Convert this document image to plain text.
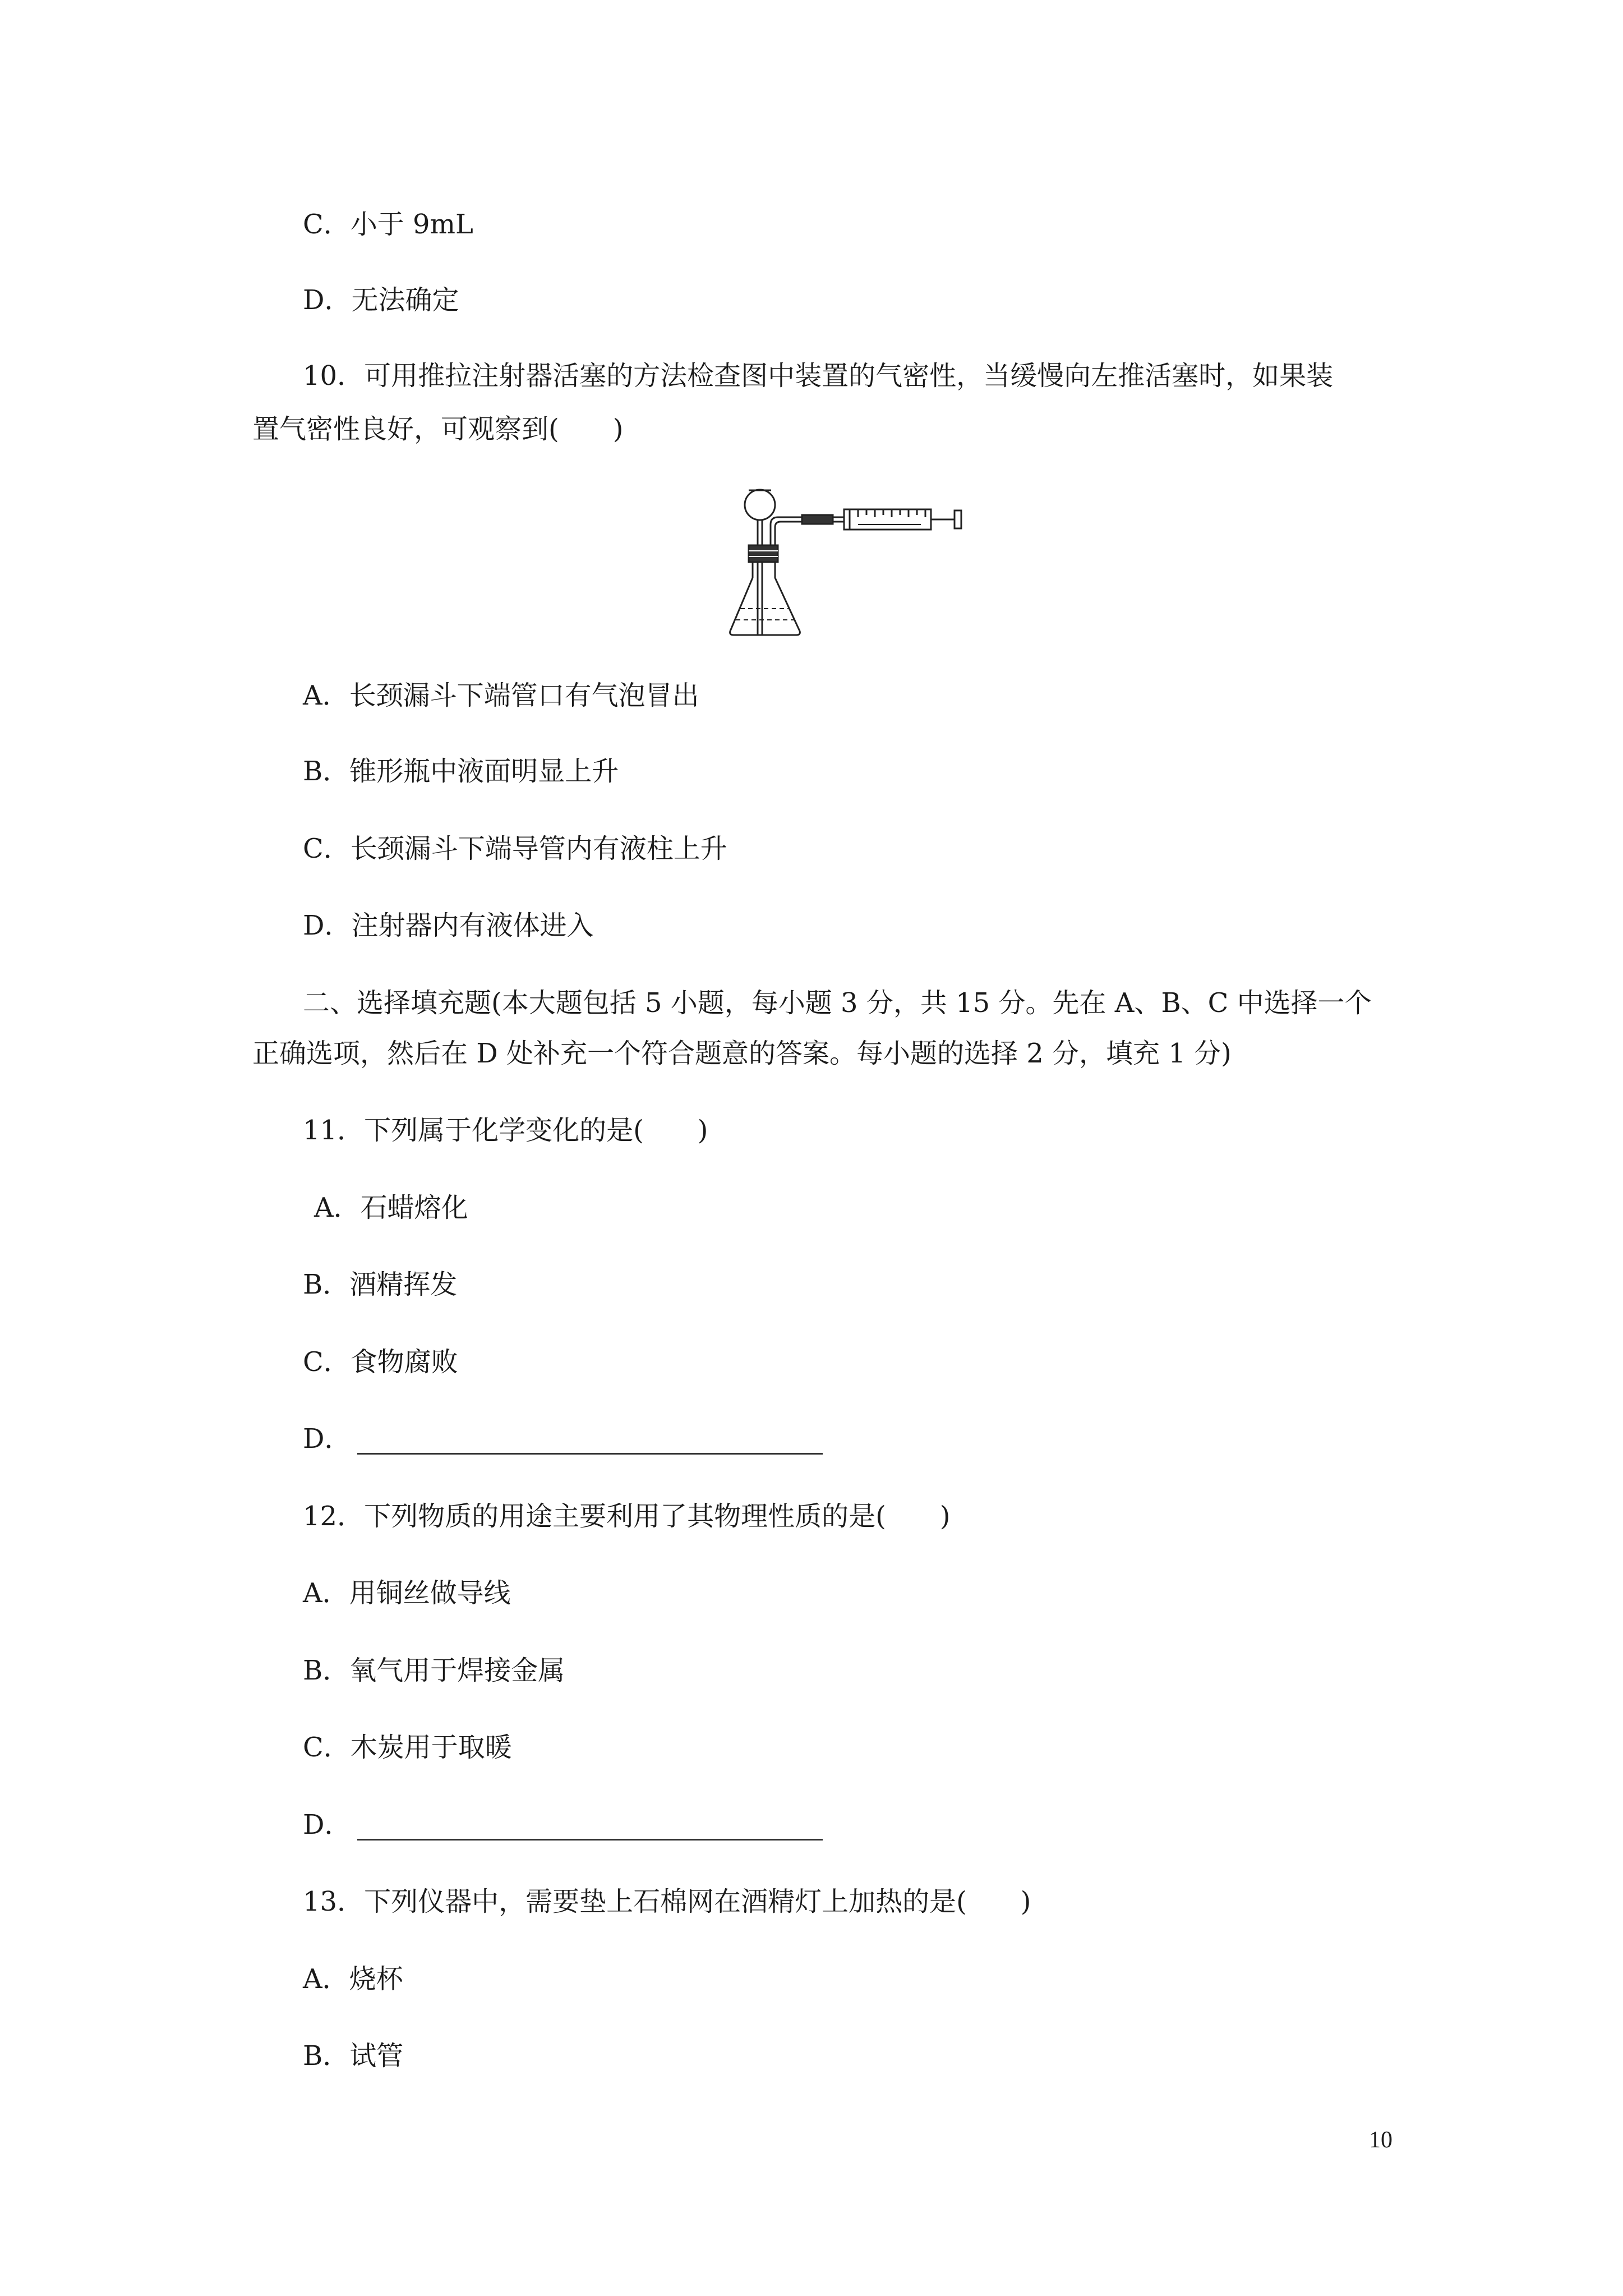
C．小于 9mL
D．无法确定
10．可用推拉注射器活塞的方法检查图中装置的气密性，当缓慢向左推活塞时，如果装
置气密性良好，可观察到(　　)
A．长颈漏斗下端管口有气泡冒出
B．锥形瓶中液面明显上升
C．长颈漏斗下端导管内有液柱上升
D．注射器内有液体进入
二、选择填充题(本大题包括 5 小题，每小题 3 分，共 15 分。先在 A、B、C 中选择一个
正确选项，然后在 D 处补充一个符合题意的答案。每小题的选择 2 分，填充 1 分)
11．下列属于化学变化的是(　　)
A．石蜡熔化
B．酒精挥发
C．食物腐败
D．
12．下列物质的用途主要利用了其物理性质的是(　　)
A．用铜丝做导线
B．氧气用于焊接金属
C．木炭用于取暖
D．
13．下列仪器中，需要垫上石棉网在酒精灯上加热的是(　　)
A．烧杯
B．试管
10
